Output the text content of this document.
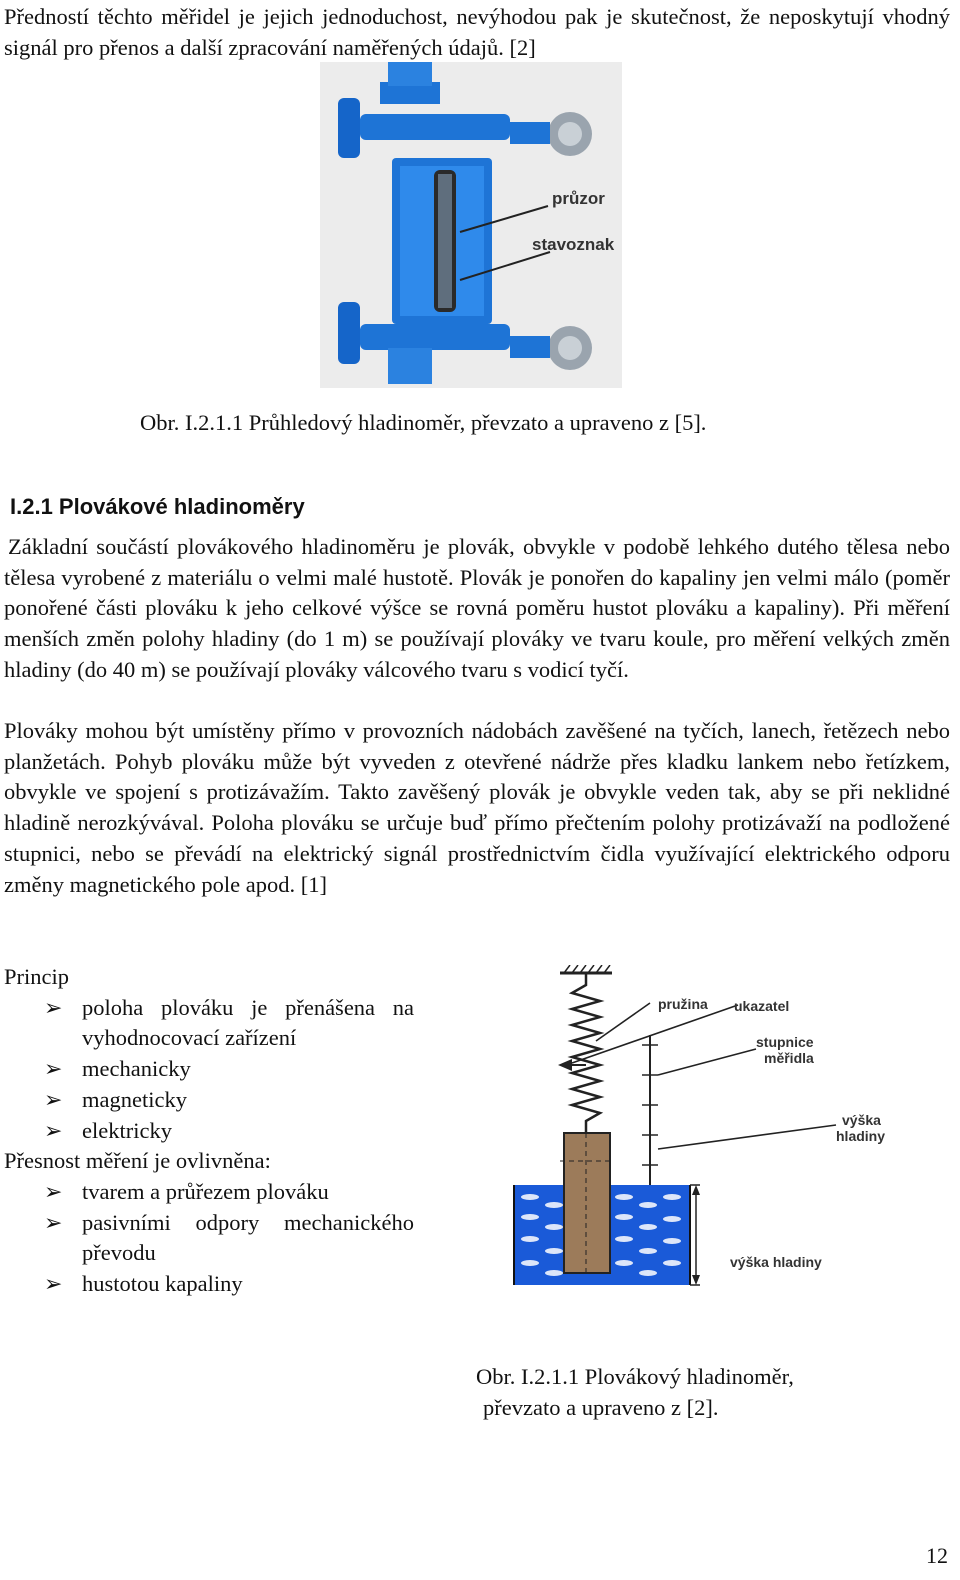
Předností těchto měřidel je jejich jednoduchost, nevýhodou pak je skutečnost, že neposkytují vhodný signál pro přenos a další zpracování naměřených údajů. [2]

průzor
stavoznak

Obr. I.2.1.1 Průhledový hladinoměr, převzato a upraveno z [5].

I.2.1 Plovákové hladinoměry

Základní součástí plovákového hladinoměru je plovák, obvykle v podobě lehkého dutého tělesa nebo tělesa vyrobené z materiálu o velmi malé hustotě. Plovák je ponořen do kapaliny jen velmi málo (poměr ponořené části plováku k jeho celkové výšce se rovná poměru hustot plováku a kapaliny). Při měření menších změn polohy hladiny (do 1 m) se používají plováky ve tvaru koule, pro měření velkých změn hladiny (do 40 m) se používají plováky válcového tvaru s vodicí tyčí.

Plováky mohou být umístěny přímo v provozních nádobách zavěšené na tyčích, lanech, řetězech nebo planžetách. Pohyb plováku může být vyveden z otevřené nádrže přes kladku lankem nebo řetízkem, obvykle ve spojení s protizávažím. Takto zavěšený plovák je obvykle veden tak, aby se při neklidné hladině nerozkývával. Poloha plováku se určuje buď přímo přečtením polohy protizávaží na podložené stupnici, nebo se převádí na elektrický signál prostřednictvím čidla využívající elektrického odporu změny magnetického pole apod. [1]

Princip

➢ poloha plováku je přenášena na vyhodnocovací zařízení
➢ mechanicky
➢ magneticky
➢ elektricky

Přesnost měření je ovlivněna:

➢ tvarem a průřezem plováku
➢ pasivními odpory mechanického převodu
➢ hustotou kapaliny
pružina ukazatel
stupnice
měřidla
výška
hladiny
výška hladiny

Obr. I.2.1.1 Plovákový hladinoměr,

převzato a upraveno z [2].

12
